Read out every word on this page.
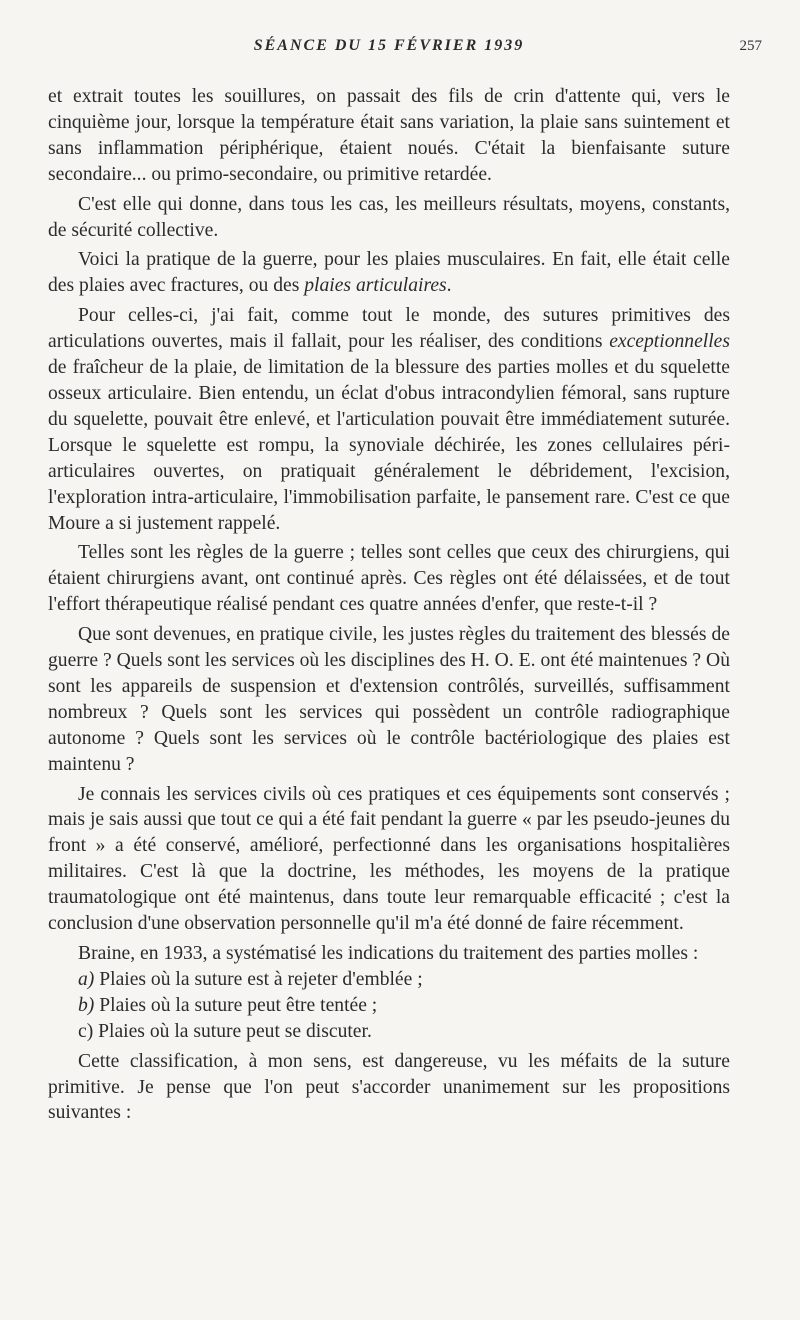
SÉANCE DU 15 FÉVRIER 1939	257

et extrait toutes les souillures, on passait des fils de crin d'attente qui, vers le cinquième jour, lorsque la température était sans variation, la plaie sans suintement et sans inflammation périphérique, étaient noués. C'était la bienfaisante suture secondaire... ou primo-secondaire, ou primitive retardée.

C'est elle qui donne, dans tous les cas, les meilleurs résultats, moyens, constants, de sécurité collective.

Voici la pratique de la guerre, pour les plaies musculaires. En fait, elle était celle des plaies avec fractures, ou des plaies articulaires.

Pour celles-ci, j'ai fait, comme tout le monde, des sutures primitives des articulations ouvertes, mais il fallait, pour les réaliser, des conditions exceptionnelles de fraîcheur de la plaie, de limitation de la blessure des parties molles et du squelette osseux articulaire. Bien entendu, un éclat d'obus intracondylien fémoral, sans rupture du squelette, pouvait être enlevé, et l'articulation pouvait être immédiatement suturée. Lorsque le squelette est rompu, la synoviale déchirée, les zones cellulaires péri-articulaires ouvertes, on pratiquait généralement le débridement, l'excision, l'exploration intra-articulaire, l'immobilisation parfaite, le pansement rare. C'est ce que Moure a si justement rappelé.

Telles sont les règles de la guerre ; telles sont celles que ceux des chirurgiens, qui étaient chirurgiens avant, ont continué après. Ces règles ont été délaissées, et de tout l'effort thérapeutique réalisé pendant ces quatre années d'enfer, que reste-t-il ?

Que sont devenues, en pratique civile, les justes règles du traitement des blessés de guerre ? Quels sont les services où les disciplines des H. O. E. ont été maintenues ? Où sont les appareils de suspension et d'extension contrôlés, surveillés, suffisamment nombreux ? Quels sont les services qui possèdent un contrôle radiographique autonome ? Quels sont les services où le contrôle bactériologique des plaies est maintenu ?

Je connais les services civils où ces pratiques et ces équipements sont conservés ; mais je sais aussi que tout ce qui a été fait pendant la guerre « par les pseudo-jeunes du front » a été conservé, amélioré, perfectionné dans les organisations hospitalières militaires. C'est là que la doctrine, les méthodes, les moyens de la pratique traumatologique ont été maintenus, dans toute leur remarquable efficacité ; c'est la conclusion d'une observation personnelle qu'il m'a été donné de faire récemment.

Braine, en 1933, a systématisé les indications du traitement des parties molles :

a) Plaies où la suture est à rejeter d'emblée ;

b) Plaies où la suture peut être tentée ;

c) Plaies où la suture peut se discuter.

Cette classification, à mon sens, est dangereuse, vu les méfaits de la suture primitive. Je pense que l'on peut s'accorder unanimement sur les propositions suivantes :
